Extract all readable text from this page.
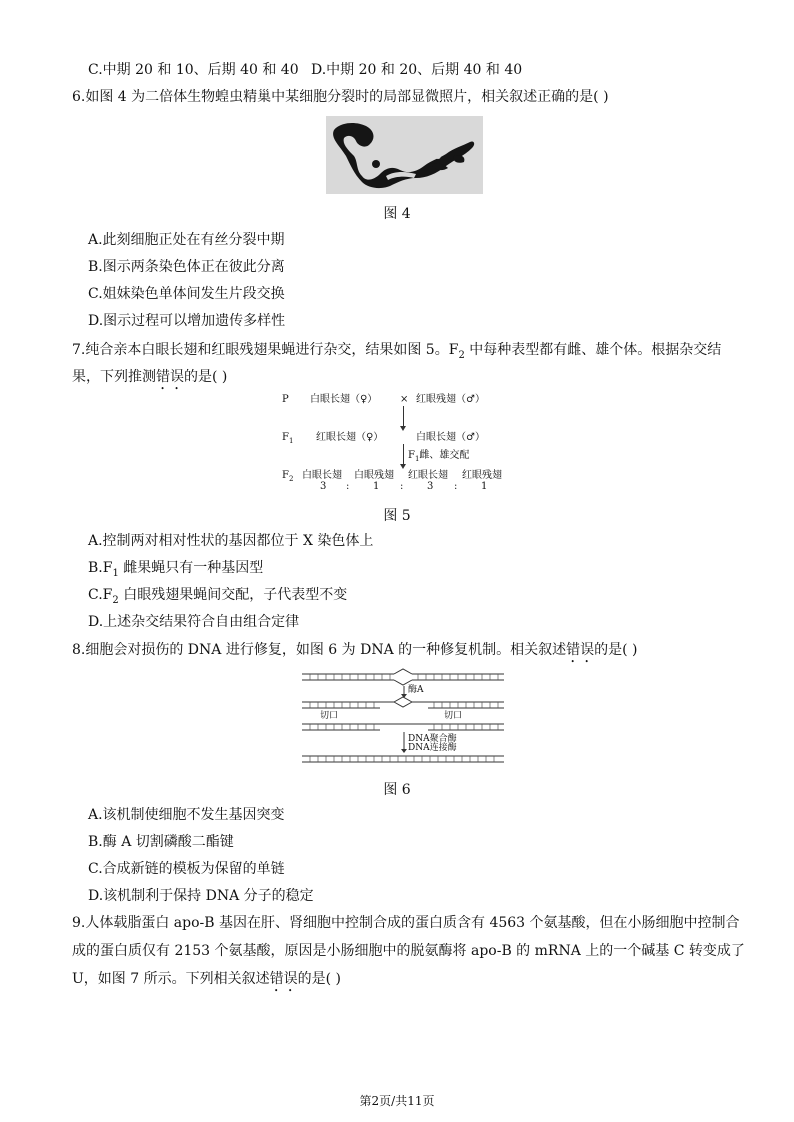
C.中期 20 和 10、后期 40 和 40 D.中期 20 和 20、后期 40 和 40
6.如图 4 为二倍体生物蝗虫精巢中某细胞分裂时的局部显微照片，相关叙述正确的是( )
图 4
A.此刻细胞正处在有丝分裂中期
B.图示两条染色体正在彼此分离
C.姐妹染色单体间发生片段交换
D.图示过程可以增加遗传多样性
7.纯合亲本白眼长翅和红眼残翅果蝇进行杂交，结果如图 5。$F_2$ 中每种表型都有雌、雄个体。根据杂交结
果，下列推测错误的是( )
P 白眼长翅（♀） × 红眼残翅（♂）
$F_1$ 红眼长翅（♀）	白眼长翅（♂）
$F_1$雌、雄交配
$F_2$ 白眼长翅 白眼残翅 红眼长翅 红眼残翅
3 : 1 : 3 : 1
图 5
A.控制两对相对性状的基因都位于 X 染色体上
$B.F_1$ 雌果蝇只有一种基因型
$C.F_2$ 白眼残翅果蝇间交配，子代表型不变
D.上述杂交结果符合自由组合定律
8.细胞会对损伤的 DNA 进行修复，如图 6 为 DNA 的一种修复机制。相关叙述错误的是( )
酶A
切口	切口
DNA聚合酶
DNA连接酶
图 6
A.该机制使细胞不发生基因突变
B.酶 A 切割磷酸二酯键
C.合成新链的模板为保留的单链
D.该机制利于保持 DNA 分子的稳定
9.人体载脂蛋白 apo-B 基因在肝、肾细胞中控制合成的蛋白质含有 4563 个氨基酸，但在小肠细胞中控制合
成的蛋白质仅有 2153 个氨基酸，原因是小肠细胞中的脱氨酶将 apo-B 的 mRNA 上的一个碱基 C 转变成了
U，如图 7 所示。下列相关叙述错误的是( )
第2页/共11页
